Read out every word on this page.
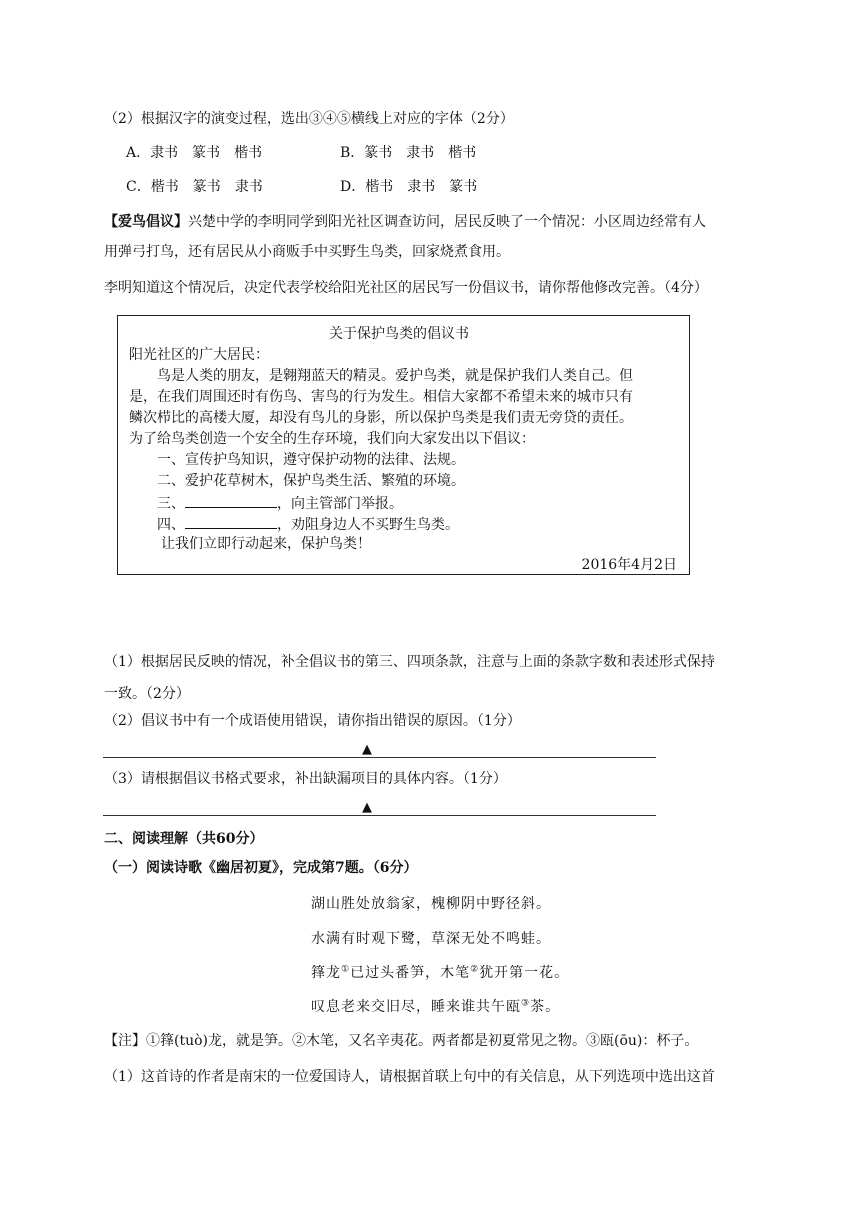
（2）根据汉字的演变过程，选出③④⑤横线上对应的字体（2分）
A．隶书　篆书　楷书	B．篆书　隶书　楷书
C．楷书　篆书　隶书	D．楷书　隶书　篆书
【爱鸟倡议】兴楚中学的李明同学到阳光社区调查访问，居民反映了一个情况：小区周边经常有人
用弹弓打鸟，还有居民从小商贩手中买野生鸟类，回家烧煮食用。
李明知道这个情况后，决定代表学校给阳光社区的居民写一份倡议书，请你帮他修改完善。（4分）
关于保护鸟类的倡议书
阳光社区的广大居民：
鸟是人类的朋友，是翱翔蓝天的精灵。爱护鸟类，就是保护我们人类自己。但
是，在我们周围还时有伤鸟、害鸟的行为发生。相信大家都不希望未来的城市只有
鳞次栉比的高楼大厦，却没有鸟儿的身影，所以保护鸟类是我们责无旁贷的责任。
为了给鸟类创造一个安全的生存环境，我们向大家发出以下倡议：
一、宣传护鸟知识，遵守保护动物的法律、法规。
二、爱护花草树木，保护鸟类生活、繁殖的环境。
三、	，向主管部门举报。
四、	，劝阻身边人不买野生鸟类。
让我们立即行动起来，保护鸟类！
2016年4月2日
（1）根据居民反映的情况，补全倡议书的第三、四项条款，注意与上面的条款字数和表述形式保持
一致。（2分）
（2）倡议书中有一个成语使用错误，请你指出错误的原因。（1分）
▲
（3）请根据倡议书格式要求，补出缺漏项目的具体内容。（1分）
▲
二、阅读理解（共60分）
（一）阅读诗歌《幽居初夏》，完成第7题。（6分）
湖山胜处放翁家，槐柳阴中野径斜。
水满有时观下鹭，草深无处不鸣蛙。
箨龙①已过头番笋，木笔②犹开第一花。
叹息老来交旧尽，睡来谁共午瓯③茶。
【注】①箨(tuò)龙，就是笋。②木笔，又名辛夷花。两者都是初夏常见之物。③瓯(ōu)：杯子。
（1）这首诗的作者是南宋的一位爱国诗人，请根据首联上句中的有关信息，从下列选项中选出这首
